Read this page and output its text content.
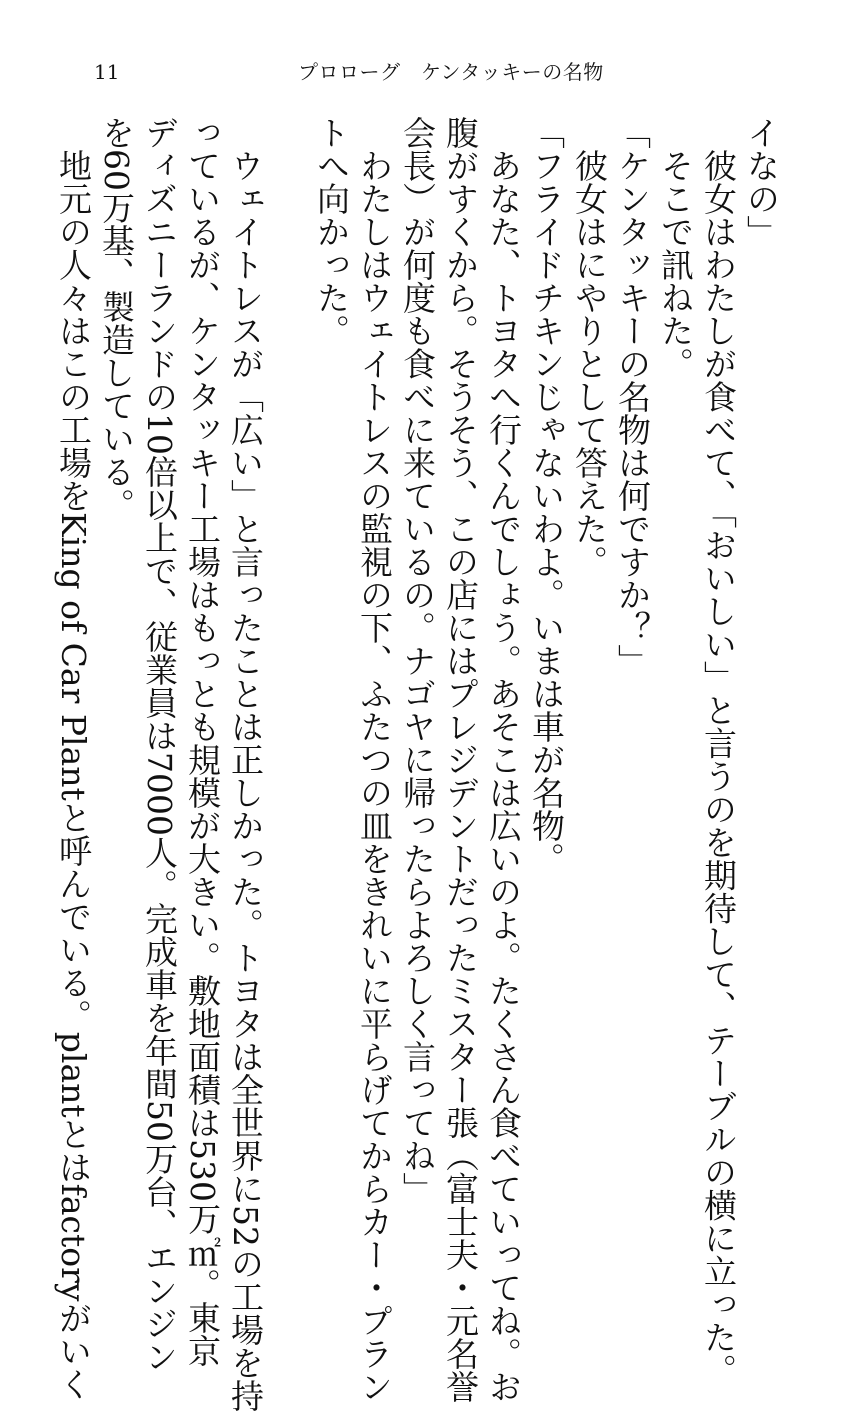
11	プロローグ　ケンタッキーの名物
イなの」
　彼女はわたしが食べて、「おいしい」と言うのを期待して、テーブルの横に立った。
　そこで訊ねた。
「ケンタッキーの名物は何ですか？」
　彼女はにやりとして答えた。
「フライドチキンじゃないわよ。いまは車が名物。
　あなた、トヨタへ行くんでしょう。あそこは広いのよ。たくさん食べていってね。お
腹がすくから。そうそう、この店にはプレジデントだったミスター張（富士夫・元名誉
会長）が何度も食べに来ているの。ナゴヤに帰ったらよろしく言ってね」
　わたしはウェイトレスの監視の下、ふたつの皿をきれいに平らげてからカー・プラン
トへ向かった。
　ウェイトレスが「広い」と言ったことは正しかった。トヨタは全世界に52の工場を持
っているが、ケンタッキー工場はもっとも規模が大きい。敷地面積は530万㎡。東京
ディズニーランドの10倍以上で、従業員は7000人。完成車を年間50万台、エンジン
を60万基、製造している。
　地元の人々はこの工場をKing of Car Plantと呼んでいる。plantとはfactoryがいく
